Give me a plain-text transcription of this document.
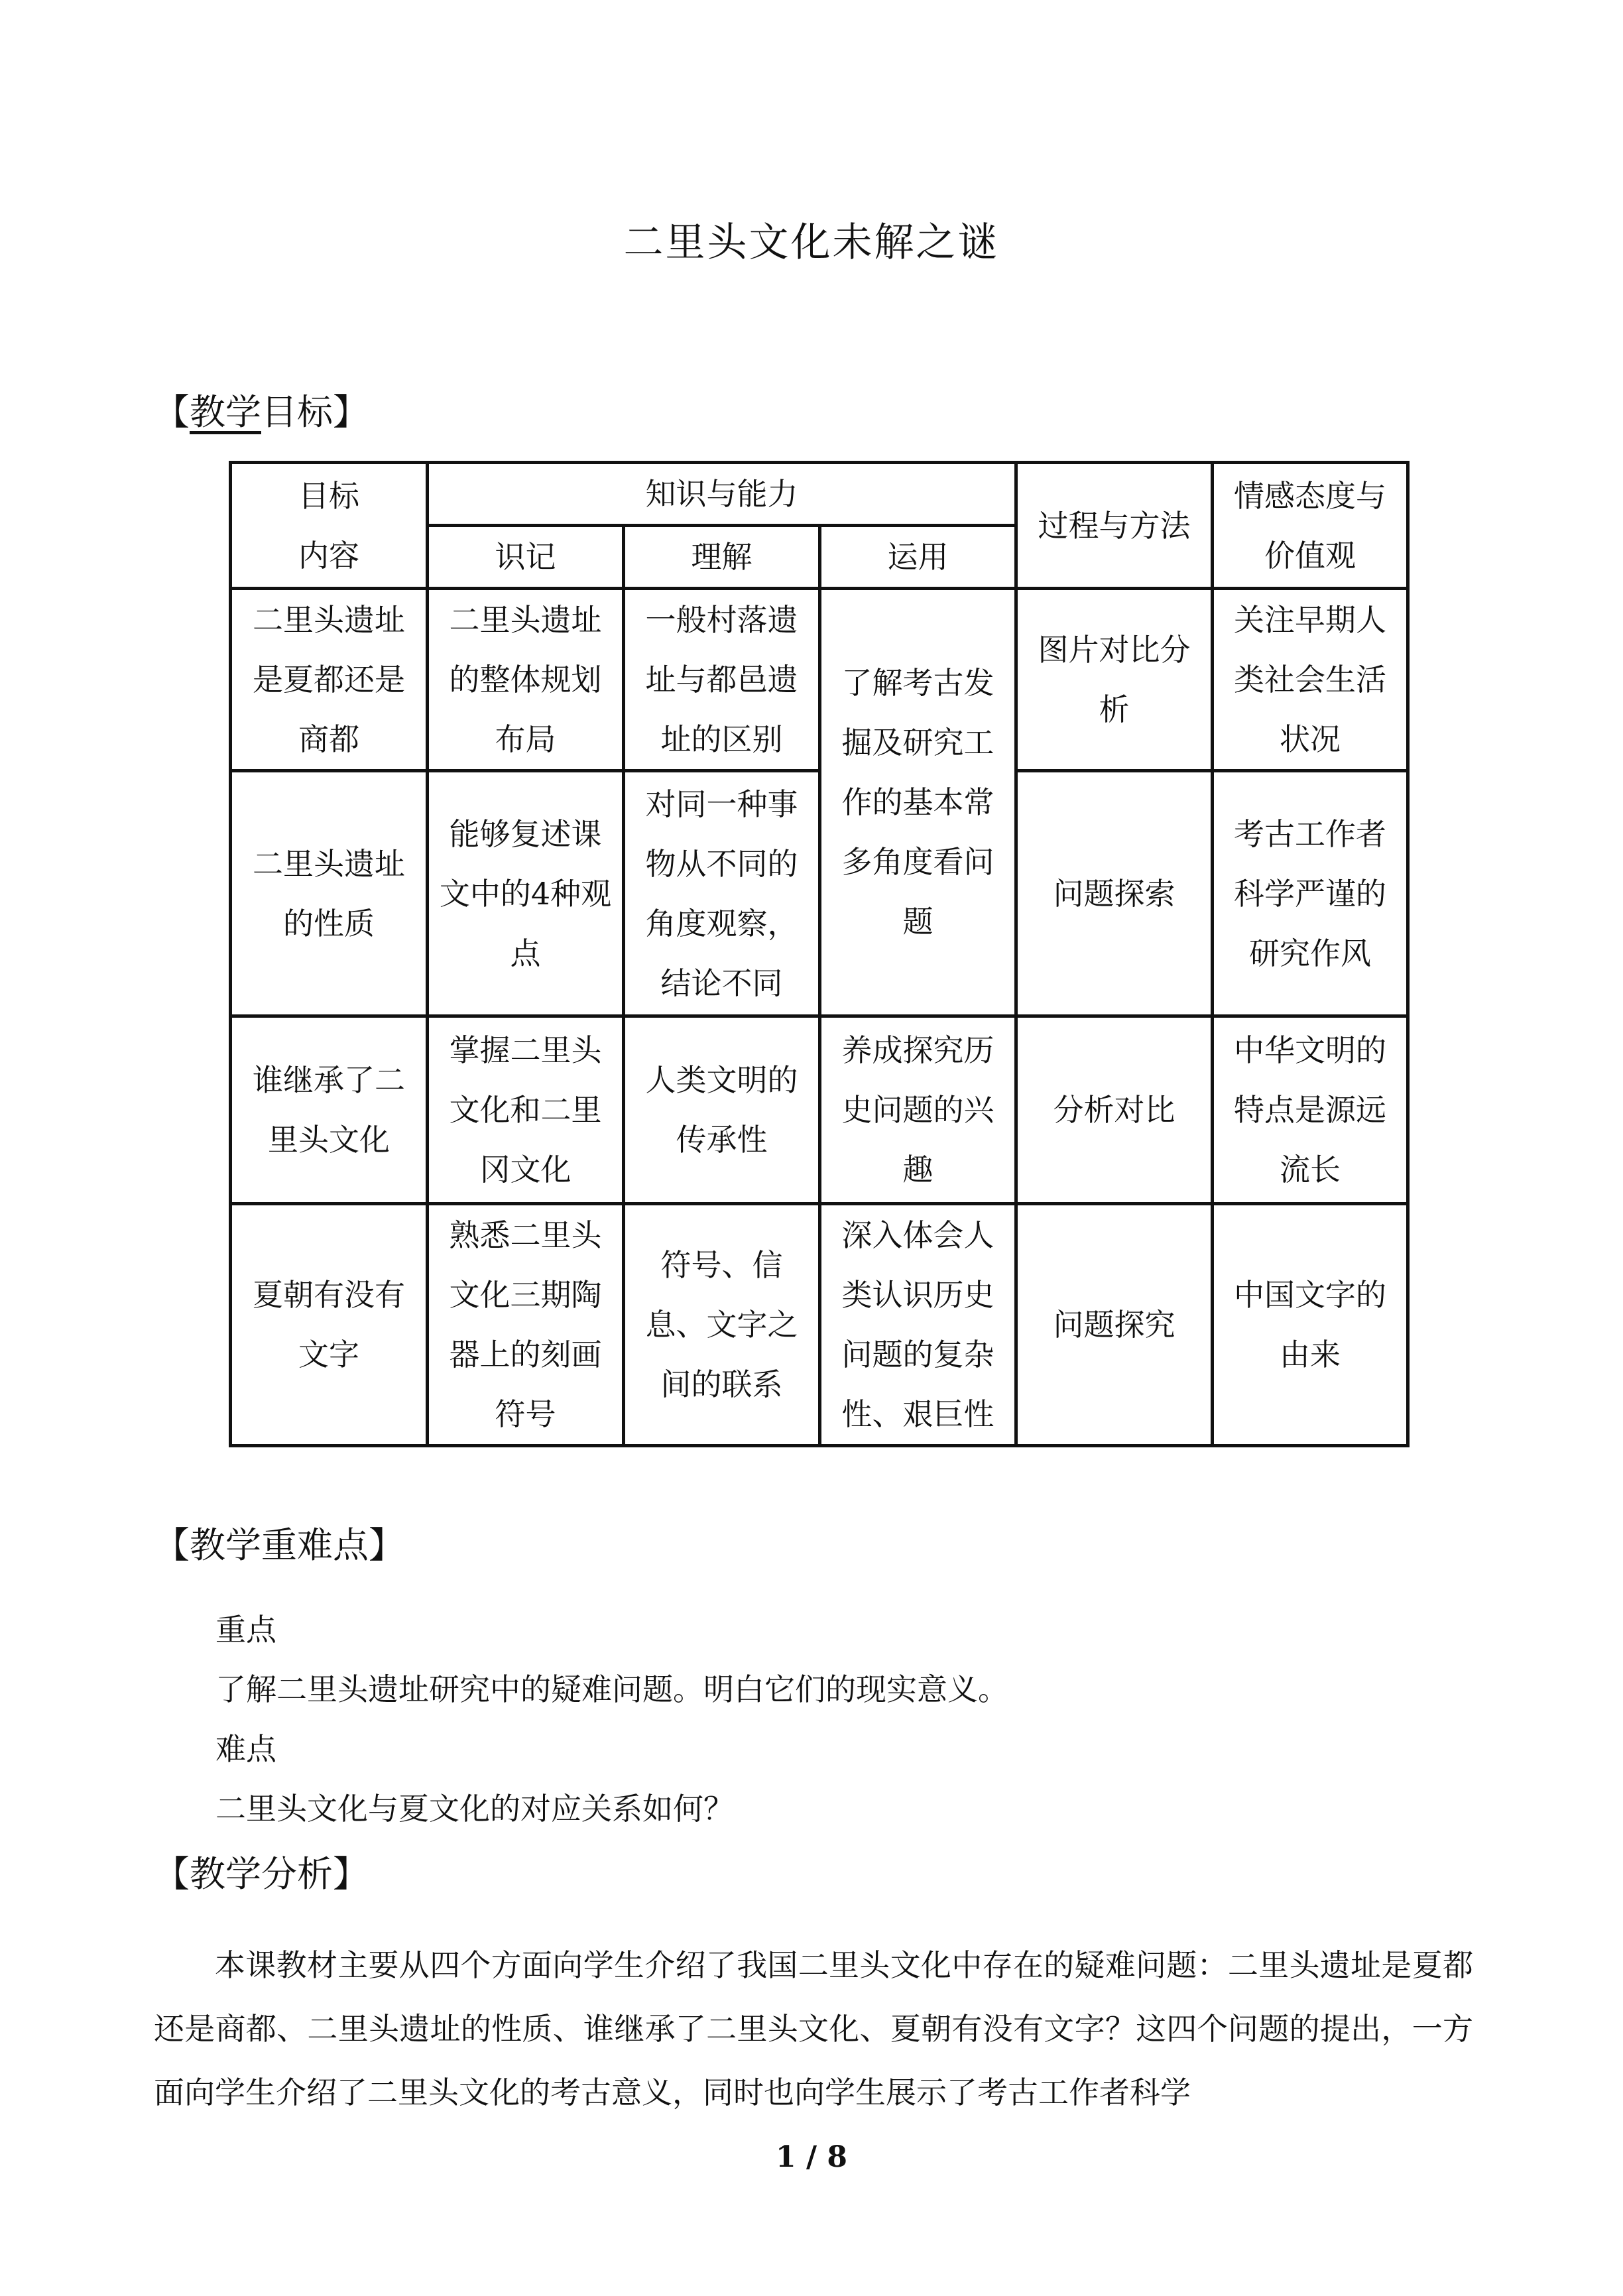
二里头文化未解之谜
【教学目标】
目标
内容	知识与能力			过程与方法	情感态度与价值观
	识记	理解	运用		
二里头遗址是夏都还是商都	二里头遗址的整体规划布局	一般村落遗址与都邑遗址的区别	了解考古发掘及研究工作的基本常多角度看问题	图片对比分析	关注早期人类社会生活状况
二里头遗址的性质	能够复述课文中的4种观点	对同一种事物从不同的角度观察，结论不同		问题探索	考古工作者科学严谨的研究作风
谁继承了二里头文化	掌握二里头文化和二里冈文化	人类文明的传承性	养成探究历史问题的兴趣	分析对比	中华文明的特点是源远流长
夏朝有没有文字	熟悉二里头文化三期陶器上的刻画符号	符号、信息、文字之间的联系	深入体会人类认识历史问题的复杂性、艰巨性	问题探究	中国文字的由来
【教学重难点】
重点
了解二里头遗址研究中的疑难问题。明白它们的现实意义。
难点
二里头文化与夏文化的对应关系如何？
【教学分析】
本课教材主要从四个方面向学生介绍了我国二里头文化中存在的疑难问题：二里头遗址是夏都还是商都、二里头遗址的性质、谁继承了二里头文化、夏朝有没有文字？这四个问题的提出，一方面向学生介绍了二里头文化的考古意义，同时也向学生展示了考古工作者科学
1 / 8
